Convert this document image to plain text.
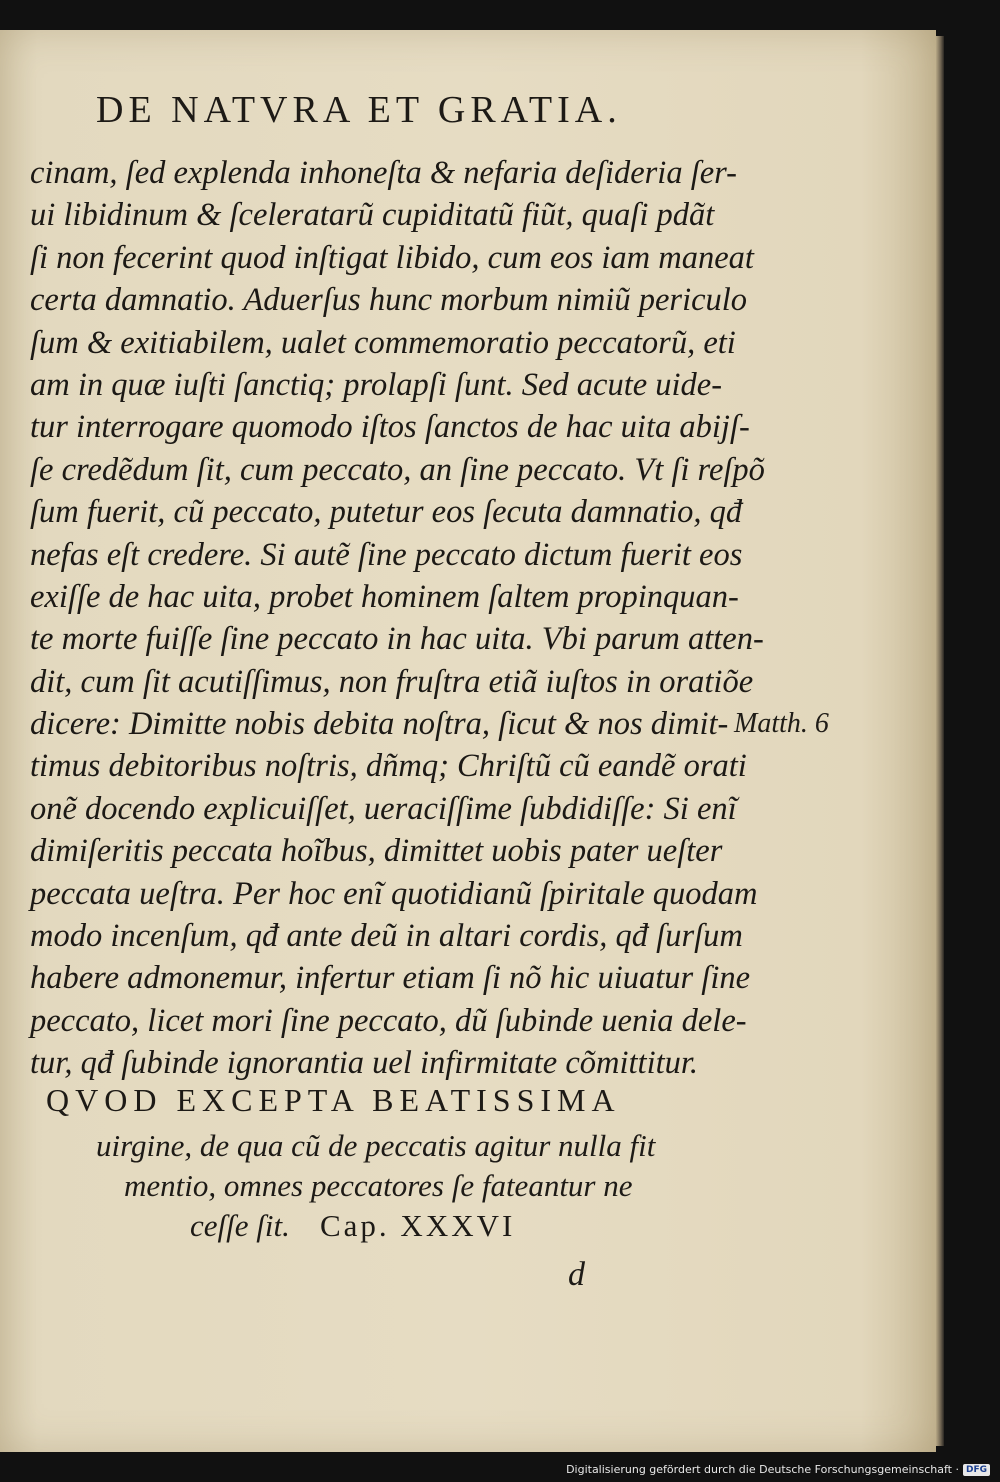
DE NATVRA ET GRATIA.
cinam, ſed explenda inhoneſta & nefaria deſideria ſer-
ui libidinum & ſceleratarũ cupiditatũ fiũt, quaſi pdãt
ſi non fecerint quod inſtigat libido, cum eos iam maneat
certa damnatio. Aduerſus hunc morbum nimiũ periculo
ſum & exitiabilem, ualet commemoratio peccatorũ, eti
am in quæ iuſti ſanctiq; prolapſi ſunt. Sed acute uide-
tur interrogare quomodo iſtos ſanctos de hac uita abijſ-
ſe credẽdum ſit, cum peccato, an ſine peccato. Vt ſi reſpõ
ſum fuerit, cũ peccato, putetur eos ſecuta damnatio, qđ
nefas eſt credere. Si autẽ ſine peccato dictum fuerit eos
exiſſe de hac uita, probet hominem ſaltem propinquan-
te morte fuiſſe ſine peccato in hac uita. Vbi parum atten-
dit, cum ſit acutiſſimus, non fruſtra etiã iuſtos in oratiõe
dicere: Dimitte nobis debita noſtra, ſicut & nos dimit-
timus debitoribus noſtris, dñmq; Chriſtũ cũ eandẽ orati
onẽ docendo explicuiſſet, ueraciſſime ſubdidiſſe: Si enĩ
dimiſeritis peccata hoĩbus, dimittet uobis pater ueſter
peccata ueſtra. Per hoc enĩ quotidianũ ſpiritale quodam
modo incenſum, qđ ante deũ in altari cordis, qđ ſurſum
habere admonemur, infertur etiam ſi nõ hic uiuatur ſine
peccato, licet mori ſine peccato, dũ ſubinde uenia dele-
tur, qđ ſubinde ignorantia uel infirmitate cõmittitur.
Matth. 6
QVOD EXCEPTA BEATISSIMA
uirgine, de qua cũ de peccatis agitur nulla fit
mentio, omnes peccatores ſe fateantur ne
ceſſe ſit. Cap. XXXVI
d
Digitalisierung gefördert durch die Deutsche Forschungsgemeinschaft · DFG
